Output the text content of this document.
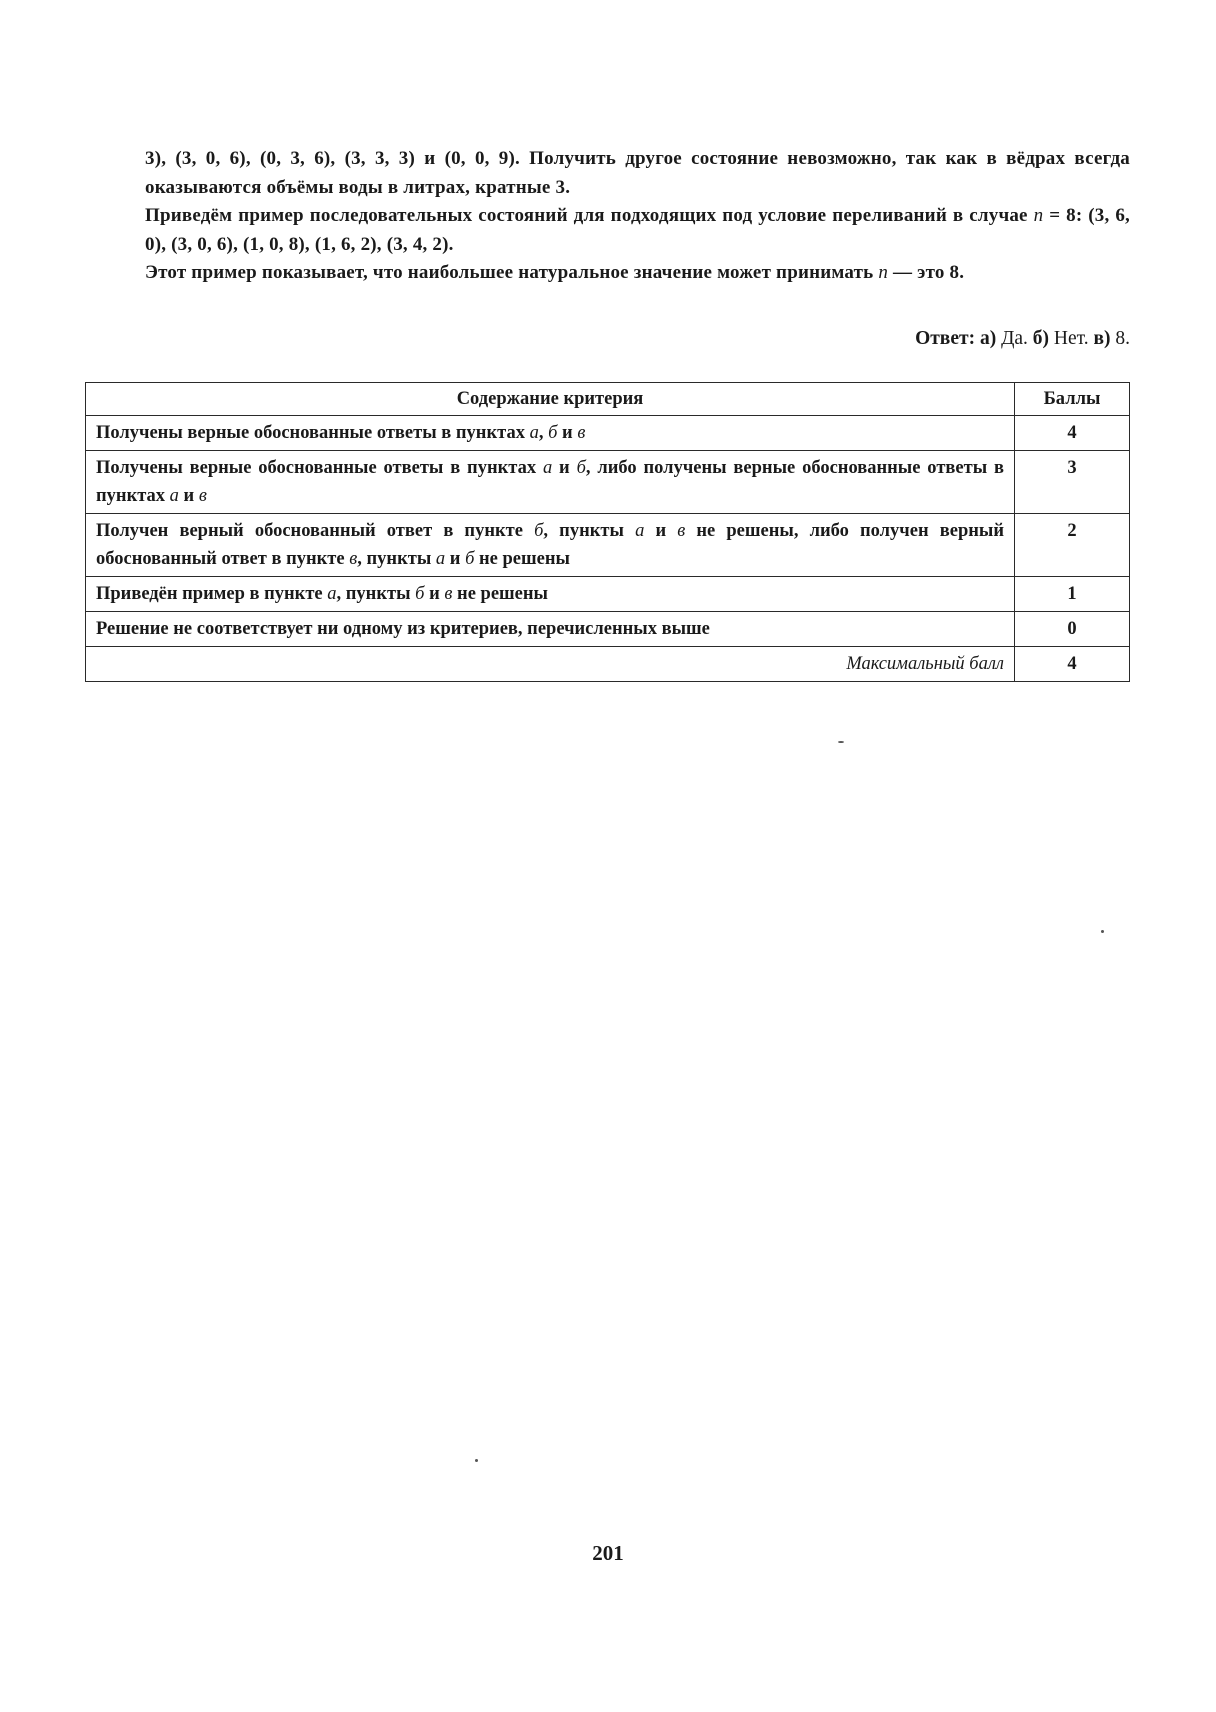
3), (3, 0, 6), (0, 3, 6), (3, 3, 3) и (0, 0, 9). Получить другое состояние невозможно, так как в вёдрах всегда оказываются объёмы воды в литрах, кратные 3.

Приведём пример последовательных состояний для подходящих под условие переливаний в случае n = 8: (3, 6, 0), (3, 0, 6), (1, 0, 8), (1, 6, 2), (3, 4, 2).

Этот пример показывает, что наибольшее натуральное значение может принимать n — это 8.

Ответ: а) Да. б) Нет. в) 8.
Содержание критерия	Баллы
Получены верные обоснованные ответы в пунктах а, б и в	4
Получены верные обоснованные ответы в пунктах а и б, либо получены верные обоснованные ответы в пунктах а и в	3
Получен верный обоснованный ответ в пункте б, пункты а и в не решены, либо получен верный обоснованный ответ в пункте в, пункты а и б не решены	2
Приведён пример в пункте а, пункты б и в не решены	1
Решение не соответствует ни одному из критериев, перечисленных выше	0
Максимальный балл	4
201
